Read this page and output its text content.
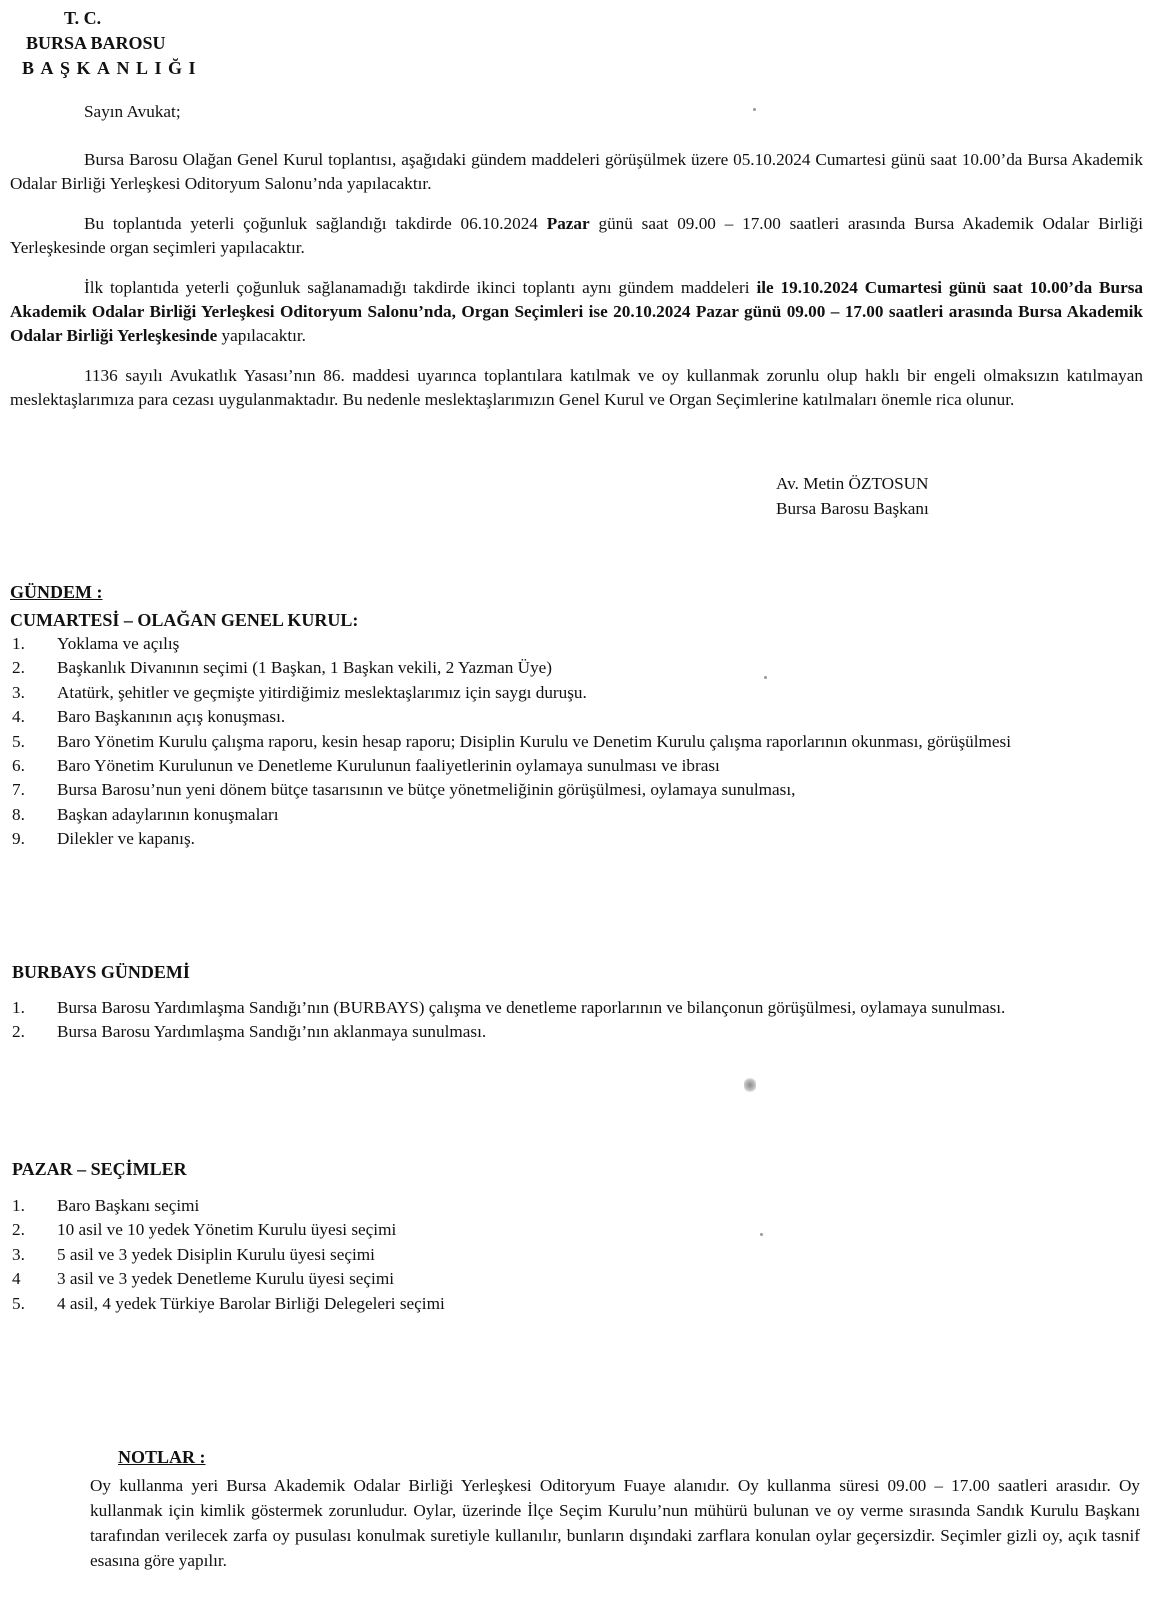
T. C.
BURSA BAROSU
BAŞKANLIĞI
Sayın Avukat;

Bursa Barosu Olağan Genel Kurul toplantısı, aşağıdaki gündem maddeleri görüşülmek üzere 05.10.2024 Cumartesi günü saat 10.00’da Bursa Akademik Odalar Birliği Yerleşkesi Oditoryum Salonu’nda yapılacaktır.

Bu toplantıda yeterli çoğunluk sağlandığı takdirde 06.10.2024 Pazar günü saat 09.00 – 17.00 saatleri arasında Bursa Akademik Odalar Birliği Yerleşkesinde organ seçimleri yapılacaktır.

İlk toplantıda yeterli çoğunluk sağlanamadığı takdirde ikinci toplantı aynı gündem maddeleri ile 19.10.2024 Cumartesi günü saat 10.00’da Bursa Akademik Odalar Birliği Yerleşkesi Oditoryum Salonu’nda, Organ Seçimleri ise 20.10.2024 Pazar günü 09.00 – 17.00 saatleri arasında Bursa Akademik Odalar Birliği Yerleşkesinde yapılacaktır.

1136 sayılı Avukatlık Yasası’nın 86. maddesi uyarınca toplantılara katılmak ve oy kullanmak zorunlu olup haklı bir engeli olmaksızın katılmayan meslektaşlarımıza para cezası uygulanmaktadır. Bu nedenle meslektaşlarımızın Genel Kurul ve Organ Seçimlerine katılmaları önemle rica olunur.

Av. Metin ÖZTOSUN
Bursa Barosu Başkanı
GÜNDEM :
CUMARTESİ – OLAĞAN GENEL KURUL:
1. Yoklama ve açılış
2. Başkanlık Divanının seçimi (1 Başkan, 1 Başkan vekili, 2 Yazman Üye)
3. Atatürk, şehitler ve geçmişte yitirdiğimiz meslektaşlarımız için saygı duruşu.
4. Baro Başkanının açış konuşması.
5. Baro Yönetim Kurulu çalışma raporu, kesin hesap raporu; Disiplin Kurulu ve Denetim Kurulu çalışma raporlarının okunması, görüşülmesi
6. Baro Yönetim Kurulunun ve Denetleme Kurulunun faaliyetlerinin oylamaya sunulması ve ibrası
7. Bursa Barosu’nun yeni dönem bütçe tasarısının ve bütçe yönetmeliğinin görüşülmesi, oylamaya sunulması,
8. Başkan adaylarının konuşmaları
9. Dilekler ve kapanış.
BURBAYS GÜNDEMİ
1. Bursa Barosu Yardımlaşma Sandığı’nın (BURBAYS) çalışma ve denetleme raporlarının ve bilançonun görüşülmesi, oylamaya sunulması.
2. Bursa Barosu Yardımlaşma Sandığı’nın aklanmaya sunulması.
PAZAR – SEÇİMLER
1. Baro Başkanı seçimi
2. 10 asil ve 10 yedek Yönetim Kurulu üyesi seçimi
3. 5 asil ve 3 yedek Disiplin Kurulu üyesi seçimi
4 3 asil ve 3 yedek Denetleme Kurulu üyesi seçimi
5. 4 asil, 4 yedek Türkiye Barolar Birliği Delegeleri seçimi
NOTLAR :

Oy kullanma yeri Bursa Akademik Odalar Birliği Yerleşkesi Oditoryum Fuaye alanıdır. Oy kullanma süresi 09.00 – 17.00 saatleri arasıdır. Oy kullanmak için kimlik göstermek zorunludur. Oylar, üzerinde İlçe Seçim Kurulu’nun mühürü bulunan ve oy verme sırasında Sandık Kurulu Başkanı tarafından verilecek zarfa oy pusulası konulmak suretiyle kullanılır, bunların dışındaki zarflara konulan oylar geçersizdir. Seçimler gizli oy, açık tasnif esasına göre yapılır.
